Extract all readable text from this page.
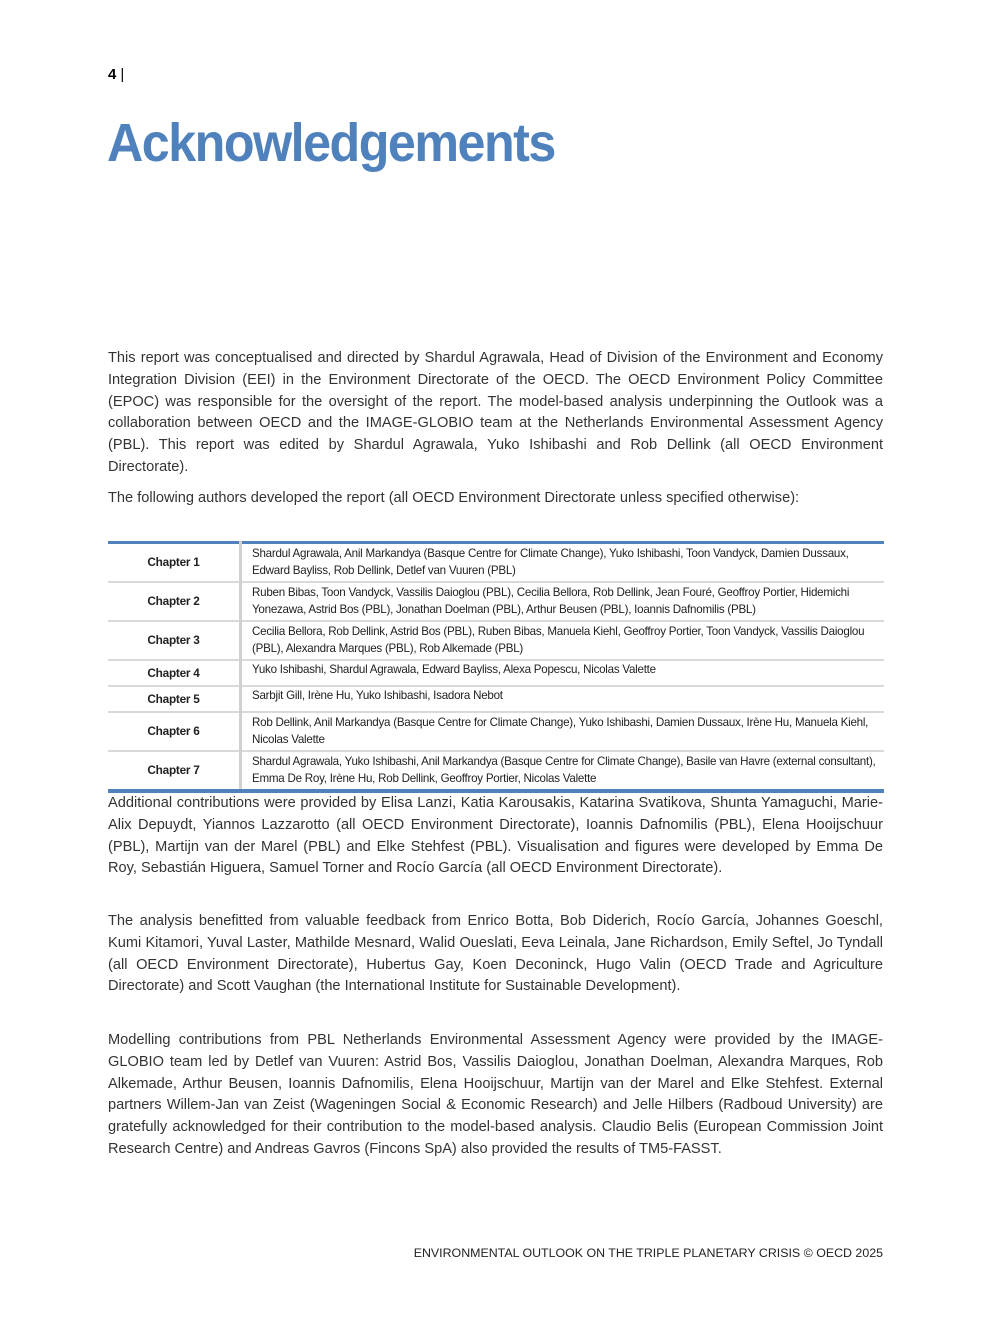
4 |
Acknowledgements

This report was conceptualised and directed by Shardul Agrawala, Head of Division of the Environment and Economy Integration Division (EEI) in the Environment Directorate of the OECD. The OECD Environment Policy Committee (EPOC) was responsible for the oversight of the report. The model-based analysis underpinning the Outlook was a collaboration between OECD and the IMAGE-GLOBIO team at the Netherlands Environmental Assessment Agency (PBL). This report was edited by Shardul Agrawala, Yuko Ishibashi and Rob Dellink (all OECD Environment Directorate).

The following authors developed the report (all OECD Environment Directorate unless specified otherwise):

Chapter 1	Shardul Agrawala, Anil Markandya (Basque Centre for Climate Change), Yuko Ishibashi, Toon Vandyck, Damien Dussaux, Edward Bayliss, Rob Dellink, Detlef van Vuuren (PBL)
Chapter 2	Ruben Bibas, Toon Vandyck, Vassilis Daioglou (PBL), Cecilia Bellora, Rob Dellink, Jean Fouré, Geoffroy Portier, Hidemichi Yonezawa, Astrid Bos (PBL), Jonathan Doelman (PBL), Arthur Beusen (PBL), Ioannis Dafnomilis (PBL)
Chapter 3	Cecilia Bellora, Rob Dellink, Astrid Bos (PBL), Ruben Bibas, Manuela Kiehl, Geoffroy Portier, Toon Vandyck, Vassilis Daioglou (PBL), Alexandra Marques (PBL), Rob Alkemade (PBL)
Chapter 4	Yuko Ishibashi, Shardul Agrawala, Edward Bayliss, Alexa Popescu, Nicolas Valette
Chapter 5	Sarbjit Gill, Irène Hu, Yuko Ishibashi, Isadora Nebot
Chapter 6	Rob Dellink, Anil Markandya (Basque Centre for Climate Change), Yuko Ishibashi, Damien Dussaux, Irène Hu, Manuela Kiehl, Nicolas Valette
Chapter 7	Shardul Agrawala, Yuko Ishibashi, Anil Markandya (Basque Centre for Climate Change), Basile van Havre (external consultant), Emma De Roy, Irène Hu, Rob Dellink, Geoffroy Portier, Nicolas Valette

Additional contributions were provided by Elisa Lanzi, Katia Karousakis, Katarina Svatikova, Shunta Yamaguchi, Marie-Alix Depuydt, Yiannos Lazzarotto (all OECD Environment Directorate), Ioannis Dafnomilis (PBL), Elena Hooijschuur (PBL), Martijn van der Marel (PBL) and Elke Stehfest (PBL). Visualisation and figures were developed by Emma De Roy, Sebastián Higuera, Samuel Torner and Rocío García (all OECD Environment Directorate).

The analysis benefitted from valuable feedback from Enrico Botta, Bob Diderich, Rocío García, Johannes Goeschl, Kumi Kitamori, Yuval Laster, Mathilde Mesnard, Walid Oueslati, Eeva Leinala, Jane Richardson, Emily Seftel, Jo Tyndall (all OECD Environment Directorate), Hubertus Gay, Koen Deconinck, Hugo Valin (OECD Trade and Agriculture Directorate) and Scott Vaughan (the International Institute for Sustainable Development).

Modelling contributions from PBL Netherlands Environmental Assessment Agency were provided by the IMAGE-GLOBIO team led by Detlef van Vuuren: Astrid Bos, Vassilis Daioglou, Jonathan Doelman, Alexandra Marques, Rob Alkemade, Arthur Beusen, Ioannis Dafnomilis, Elena Hooijschuur, Martijn van der Marel and Elke Stehfest. External partners Willem-Jan van Zeist (Wageningen Social & Economic Research) and Jelle Hilbers (Radboud University) are gratefully acknowledged for their contribution to the model-based analysis. Claudio Belis (European Commission Joint Research Centre) and Andreas Gavros (Fincons SpA) also provided the results of TM5-FASST.

ENVIRONMENTAL OUTLOOK ON THE TRIPLE PLANETARY CRISIS © OECD 2025
